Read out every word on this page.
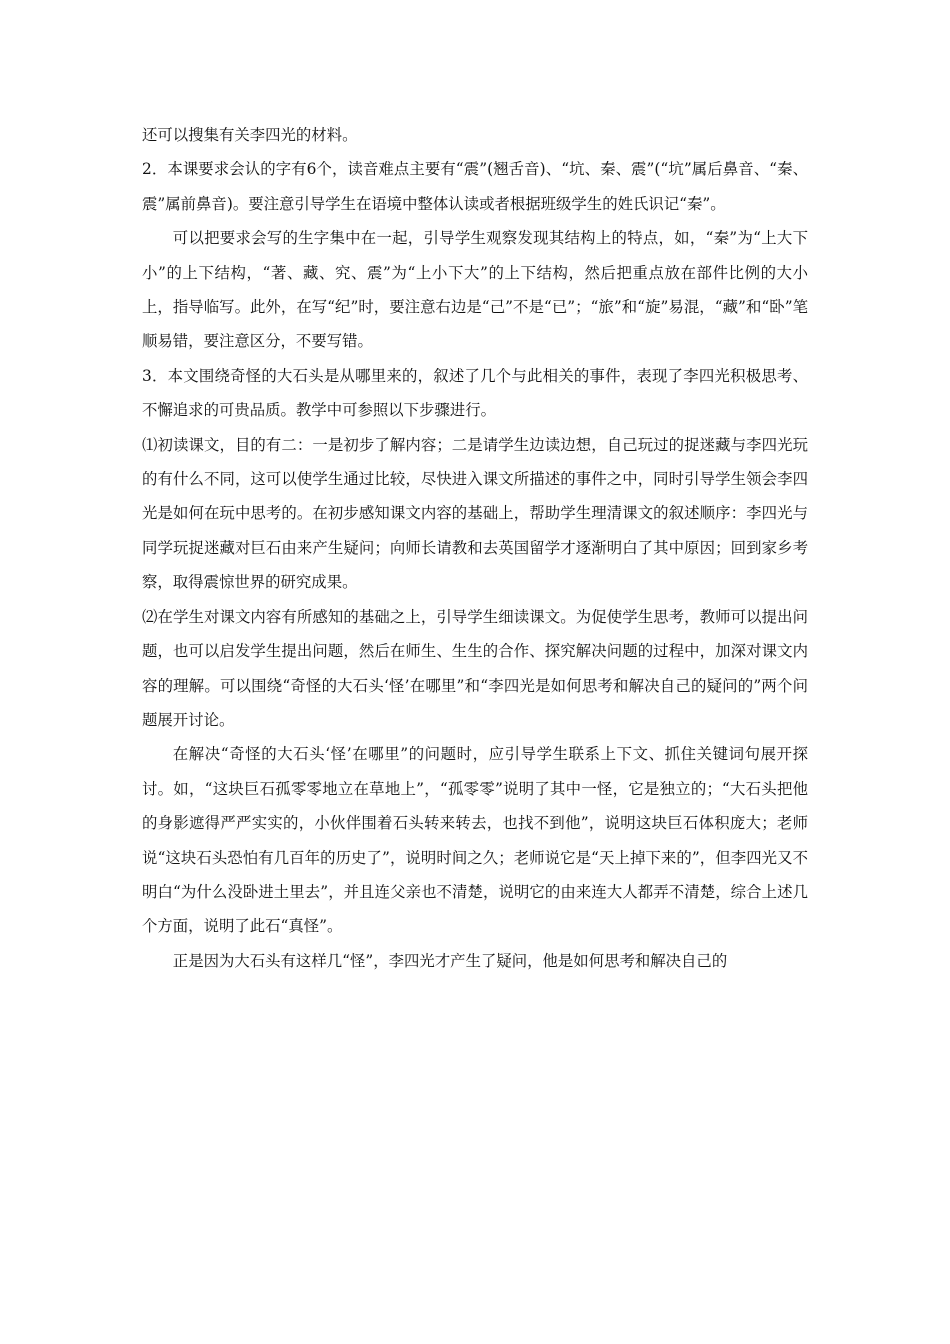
还可以搜集有关李四光的材料。

2．本课要求会认的字有6个，读音难点主要有“震”(翘舌音)、“坑、秦、震”(“坑”属后鼻音、“秦、震”属前鼻音)。要注意引导学生在语境中整体认读或者根据班级学生的姓氏识记“秦”。

可以把要求会写的生字集中在一起，引导学生观察发现其结构上的特点，如，“秦”为“上大下小”的上下结构，“著、藏、究、震”为“上小下大”的上下结构，然后把重点放在部件比例的大小上，指导临写。此外，在写“纪”时，要注意右边是“己”不是“已”；“旅”和“旋”易混，“藏”和“卧”笔顺易错，要注意区分，不要写错。

3．本文围绕奇怪的大石头是从哪里来的，叙述了几个与此相关的事件，表现了李四光积极思考、不懈追求的可贵品质。教学中可参照以下步骤进行。

⑴初读课文，目的有二：一是初步了解内容；二是请学生边读边想，自己玩过的捉迷藏与李四光玩的有什么不同，这可以使学生通过比较，尽快进入课文所描述的事件之中，同时引导学生领会李四光是如何在玩中思考的。在初步感知课文内容的基础上，帮助学生理清课文的叙述顺序：李四光与同学玩捉迷藏对巨石由来产生疑问；向师长请教和去英国留学才逐渐明白了其中原因；回到家乡考察，取得震惊世界的研究成果。

⑵在学生对课文内容有所感知的基础之上，引导学生细读课文。为促使学生思考，教师可以提出问题，也可以启发学生提出问题，然后在师生、生生的合作、探究解决问题的过程中，加深对课文内容的理解。可以围绕“奇怪的大石头‘怪’在哪里”和“李四光是如何思考和解决自己的疑问的”两个问题展开讨论。

在解决“奇怪的大石头‘怪’在哪里”的问题时，应引导学生联系上下文、抓住关键词句展开探讨。如，“这块巨石孤零零地立在草地上”，“孤零零”说明了其中一怪，它是独立的；“大石头把他的身影遮得严严实实的，小伙伴围着石头转来转去，也找不到他”，说明这块巨石体积庞大；老师说“这块石头恐怕有几百年的历史了”，说明时间之久；老师说它是“天上掉下来的”，但李四光又不明白“为什么没卧进土里去”，并且连父亲也不清楚，说明它的由来连大人都弄不清楚，综合上述几个方面，说明了此石“真怪”。

正是因为大石头有这样几“怪”，李四光才产生了疑问，他是如何思考和解决自己的
